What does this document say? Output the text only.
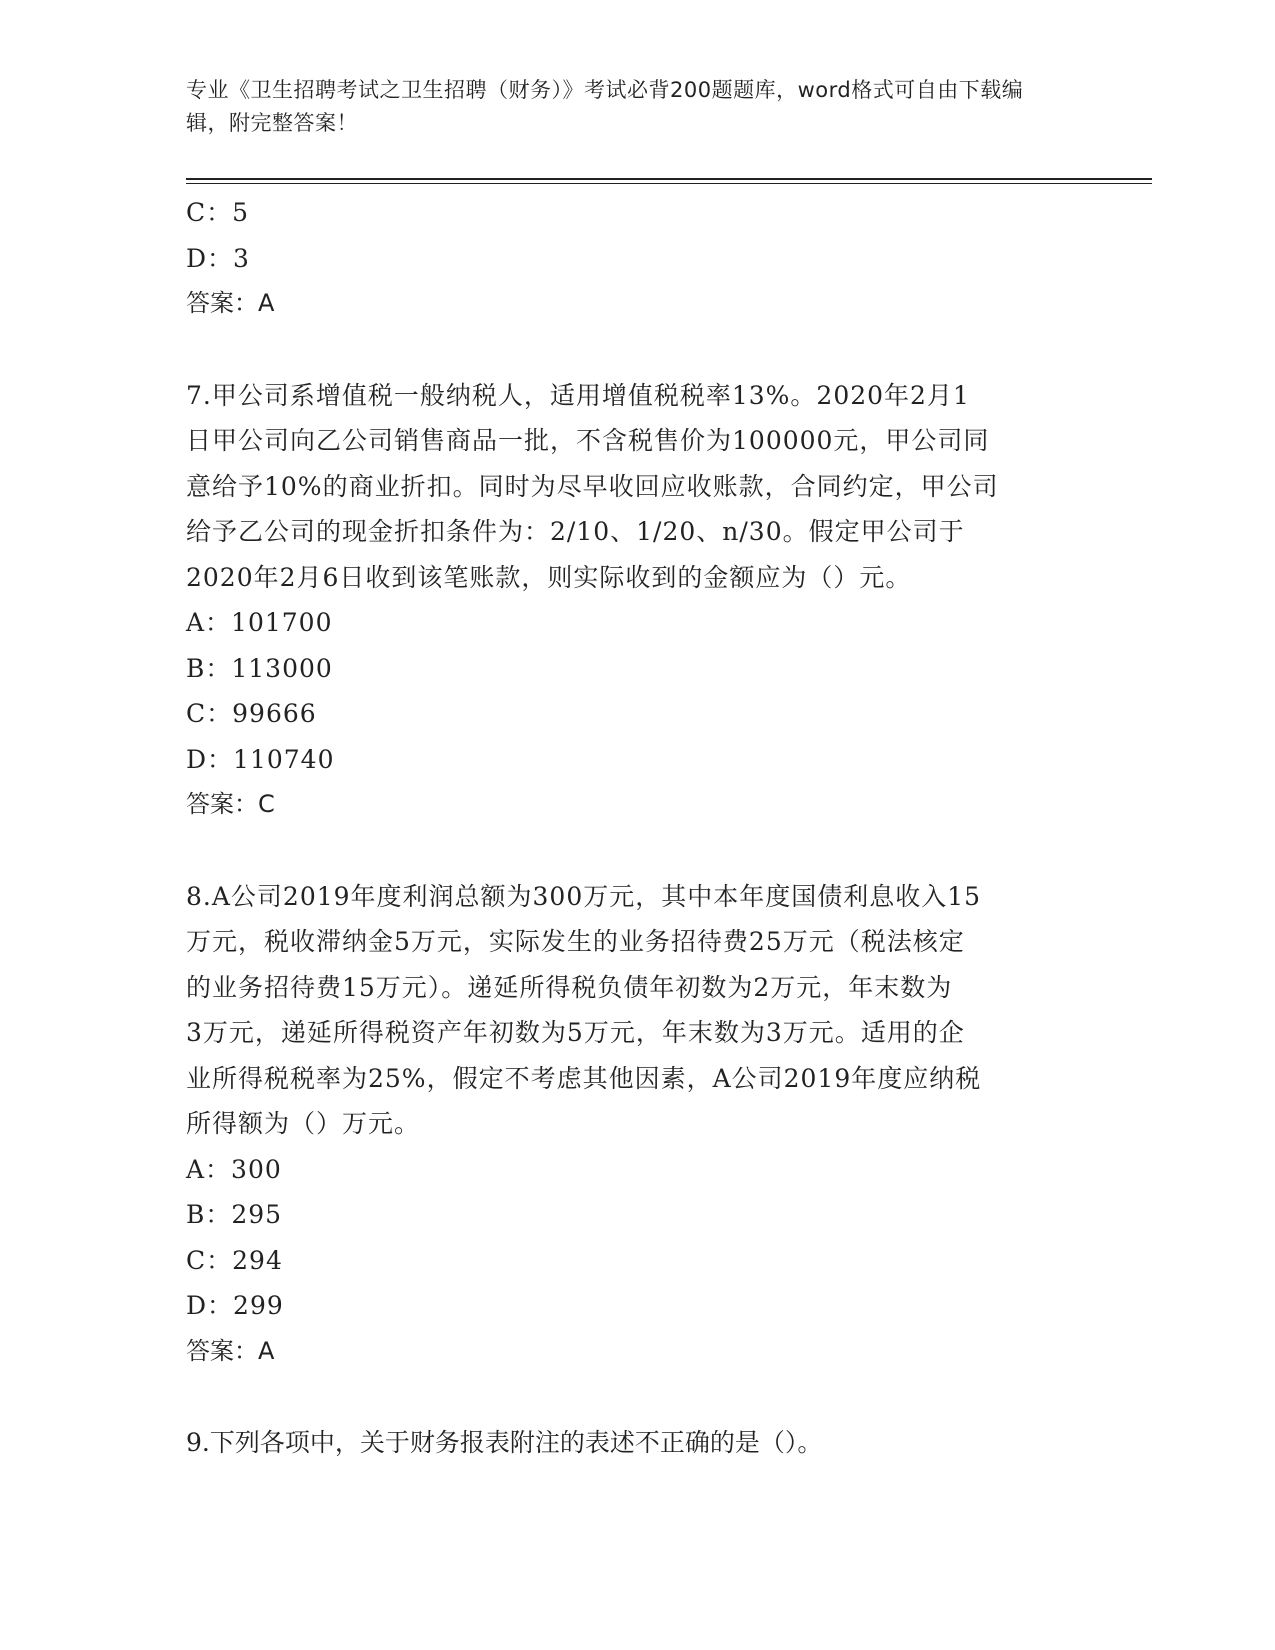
专业《卫生招聘考试之卫生招聘（财务）》考试必背200题题库，word格式可自由下载编辑，附完整答案！
C：5
D：3
答案：A
7.甲公司系增值税一般纳税人，适用增值税税率13%。2020年2月1
日甲公司向乙公司销售商品一批，不含税售价为100000元，甲公司同
意给予10%的商业折扣。同时为尽早收回应收账款，合同约定，甲公司
给予乙公司的现金折扣条件为：2/10、1/20、n/30。假定甲公司于
2020年2月6日收到该笔账款，则实际收到的金额应为（）元。
A：101700
B：113000
C：99666
D：110740
答案：C
8.A公司2019年度利润总额为300万元，其中本年度国债利息收入15
万元，税收滞纳金5万元，实际发生的业务招待费25万元（税法核定
的业务招待费15万元）。递延所得税负债年初数为2万元，年末数为
3万元，递延所得税资产年初数为5万元，年末数为3万元。适用的企
业所得税税率为25%，假定不考虑其他因素，A公司2019年度应纳税
所得额为（）万元。
A：300
B：295
C：294
D：299
答案：A
9.下列各项中，关于财务报表附注的表述不正确的是（）。
